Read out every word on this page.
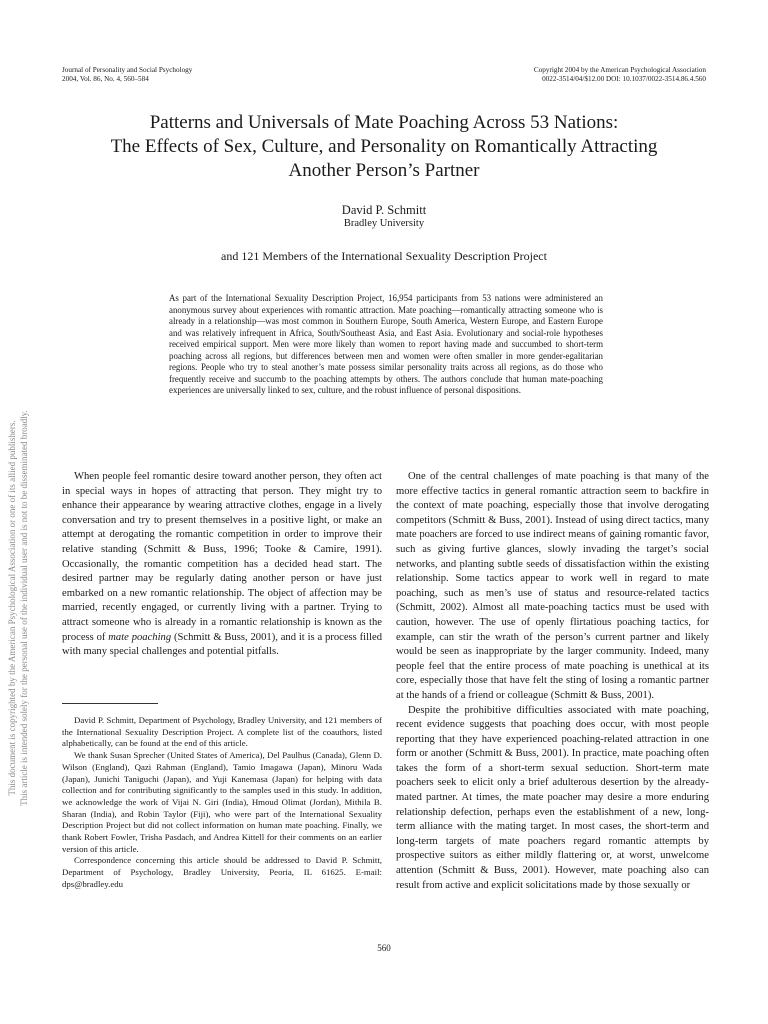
Journal of Personality and Social Psychology
2004, Vol. 86, No. 4, 560–584
Copyright 2004 by the American Psychological Association
0022-3514/04/$12.00 DOI: 10.1037/0022-3514.86.4.560
Patterns and Universals of Mate Poaching Across 53 Nations:
The Effects of Sex, Culture, and Personality on Romantically Attracting
Another Person’s Partner
David P. Schmitt
Bradley University
and 121 Members of the International Sexuality Description Project
As part of the International Sexuality Description Project, 16,954 participants from 53 nations were administered an anonymous survey about experiences with romantic attraction. Mate poaching—romantically attracting someone who is already in a relationship—was most common in Southern Europe, South America, Western Europe, and Eastern Europe and was relatively infrequent in Africa, South/Southeast Asia, and East Asia. Evolutionary and social-role hypotheses received empirical support. Men were more likely than women to report having made and succumbed to short-term poaching across all regions, but differences between men and women were often smaller in more gender-egalitarian regions. People who try to steal another’s mate possess similar personality traits across all regions, as do those who frequently receive and succumb to the poaching attempts by others. The authors conclude that human mate-poaching experiences are universally linked to sex, culture, and the robust influence of personal dispositions.

When people feel romantic desire toward another person, they often act in special ways in hopes of attracting that person. They might try to enhance their appearance by wearing attractive clothes, engage in a lively conversation and try to present themselves in a positive light, or make an attempt at derogating the romantic competition in order to improve their relative standing (Schmitt & Buss, 1996; Tooke & Camire, 1991). Occasionally, the romantic competition has a decided head start. The desired partner may be regularly dating another person or have just embarked on a new romantic relationship. The object of affection may be married, recently engaged, or currently living with a partner. Trying to attract someone who is already in a romantic relationship is known as the process of mate poaching (Schmitt & Buss, 2001), and it is a process filled with many special challenges and potential pitfalls.

David P. Schmitt, Department of Psychology, Bradley University, and 121 members of the International Sexuality Description Project. A complete list of the coauthors, listed alphabetically, can be found at the end of this article.

We thank Susan Sprecher (United States of America), Del Paulhus (Canada), Glenn D. Wilson (England), Qazi Rahman (England), Tamio Imagawa (Japan), Minoru Wada (Japan), Junichi Taniguchi (Japan), and Yuji Kanemasa (Japan) for helping with data collection and for contributing significantly to the samples used in this study. In addition, we acknowledge the work of Vijai N. Giri (India), Hmoud Olimat (Jordan), Mithila B. Sharan (India), and Robin Taylor (Fiji), who were part of the International Sexuality Description Project but did not collect information on human mate poaching. Finally, we thank Robert Fowler, Trisha Pasdach, and Andrea Kittell for their comments on an earlier version of this article.

Correspondence concerning this article should be addressed to David P. Schmitt, Department of Psychology, Bradley University, Peoria, IL 61625. E-mail: dps@bradley.edu

One of the central challenges of mate poaching is that many of the more effective tactics in general romantic attraction seem to backfire in the context of mate poaching, especially those that involve derogating competitors (Schmitt & Buss, 2001). Instead of using direct tactics, many mate poachers are forced to use indirect means of gaining romantic favor, such as giving furtive glances, slowly invading the target’s social networks, and planting subtle seeds of dissatisfaction within the existing relationship. Some tactics appear to work well in regard to mate poaching, such as men’s use of status and resource-related tactics (Schmitt, 2002). Almost all mate-poaching tactics must be used with caution, however. The use of openly flirtatious poaching tactics, for example, can stir the wrath of the person’s current partner and likely would be seen as inappropriate by the larger community. Indeed, many people feel that the entire process of mate poaching is unethical at its core, especially those that have felt the sting of losing a romantic partner at the hands of a friend or colleague (Schmitt & Buss, 2001).

Despite the prohibitive difficulties associated with mate poaching, recent evidence suggests that poaching does occur, with most people reporting that they have experienced poaching-related attraction in one form or another (Schmitt & Buss, 2001). In practice, mate poaching often takes the form of a short-term sexual seduction. Short-term mate poachers seek to elicit only a brief adulterous desertion by the already-mated partner. At times, the mate poacher may desire a more enduring relationship defection, perhaps even the establishment of a new, long-term alliance with the mating target. In most cases, the short-term and long-term targets of mate poachers regard romantic attempts by prospective suitors as either mildly flattering or, at worst, unwelcome attention (Schmitt & Buss, 2001). However, mate poaching also can result from active and explicit solicitations made by those sexually or

560
This document is copyrighted by the American Psychological Association or one of its allied publishers. This article is intended solely for the personal use of the individual user and is not to be disseminated broadly.
